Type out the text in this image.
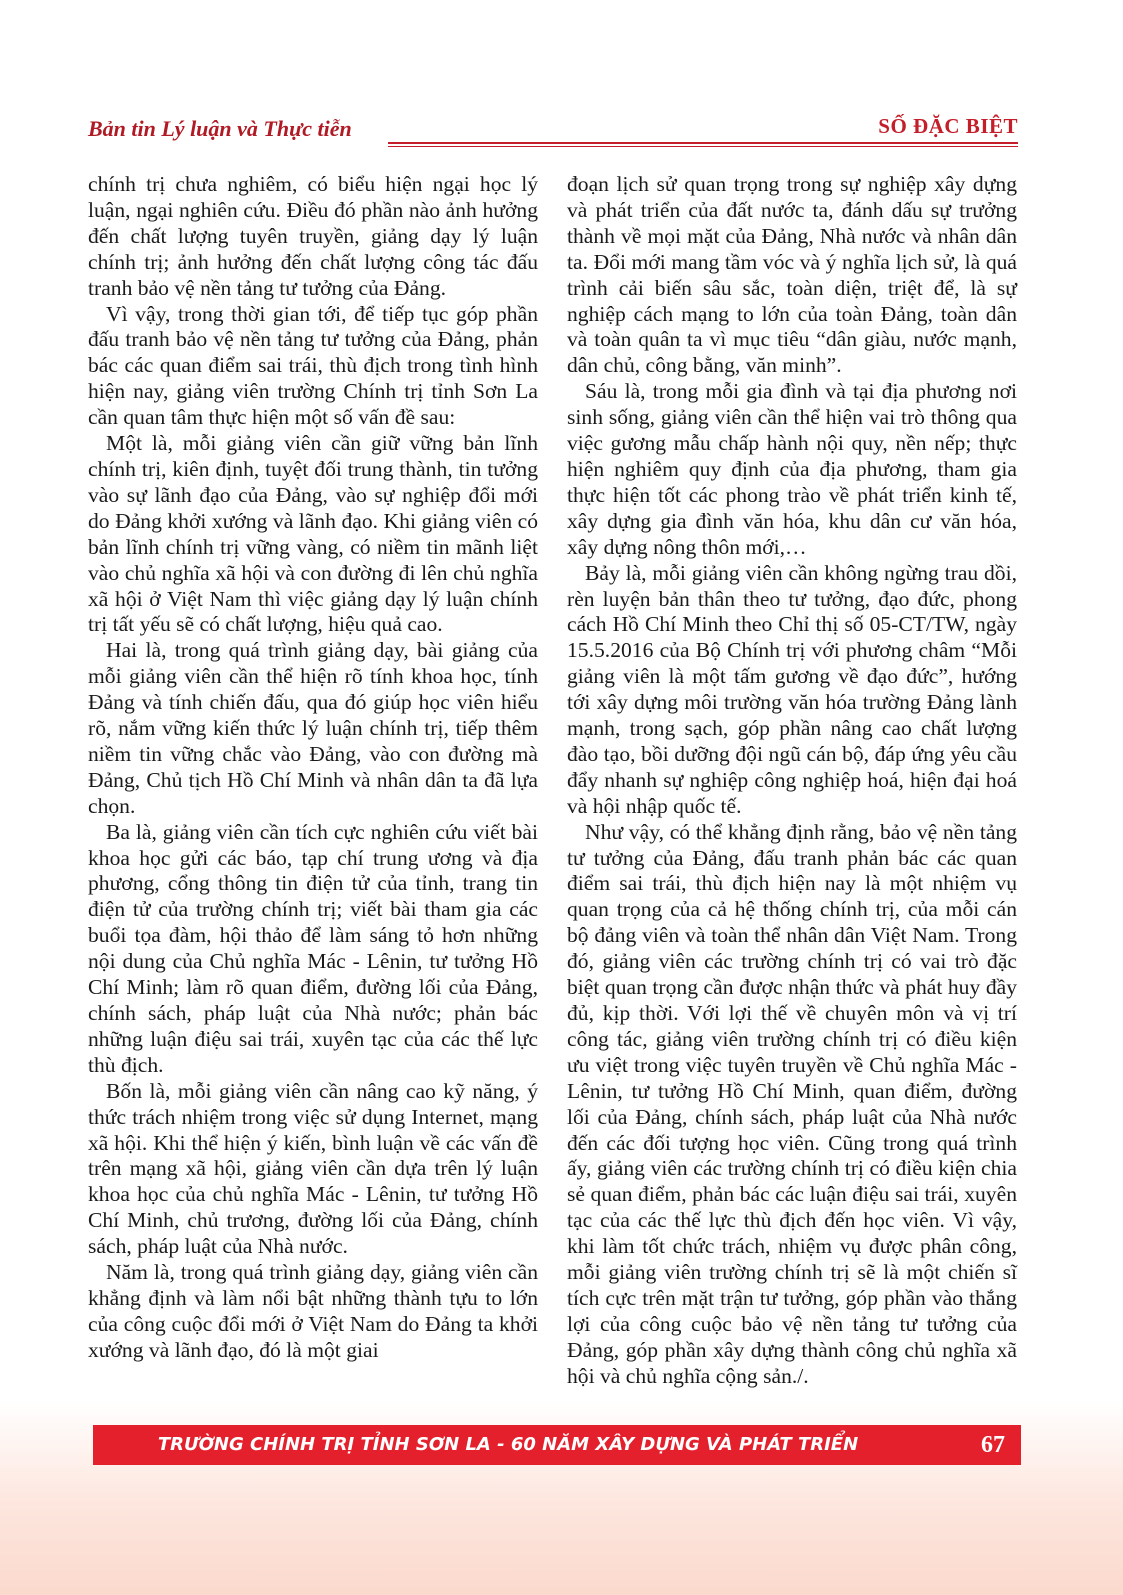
Bản tin Lý luận và Thực tiễn	SỐ ĐẶC BIỆT

chính trị chưa nghiêm, có biểu hiện ngại học lý luận, ngại nghiên cứu. Điều đó phần nào ảnh hưởng đến chất lượng tuyên truyền, giảng dạy lý luận chính trị; ảnh hưởng đến chất lượng công tác đấu tranh bảo vệ nền tảng tư tưởng của Đảng.

Vì vậy, trong thời gian tới, để tiếp tục góp phần đấu tranh bảo vệ nền tảng tư tưởng của Đảng, phản bác các quan điểm sai trái, thù địch trong tình hình hiện nay, giảng viên trường Chính trị tỉnh Sơn La cần quan tâm thực hiện một số vấn đề sau:

Một là, mỗi giảng viên cần giữ vững bản lĩnh chính trị, kiên định, tuyệt đối trung thành, tin tưởng vào sự lãnh đạo của Đảng, vào sự nghiệp đổi mới do Đảng khởi xướng và lãnh đạo. Khi giảng viên có bản lĩnh chính trị vững vàng, có niềm tin mãnh liệt vào chủ nghĩa xã hội và con đường đi lên chủ nghĩa xã hội ở Việt Nam thì việc giảng dạy lý luận chính trị tất yếu sẽ có chất lượng, hiệu quả cao.

Hai là, trong quá trình giảng dạy, bài giảng của mỗi giảng viên cần thể hiện rõ tính khoa học, tính Đảng và tính chiến đấu, qua đó giúp học viên hiểu rõ, nắm vững kiến thức lý luận chính trị, tiếp thêm niềm tin vững chắc vào Đảng, vào con đường mà Đảng, Chủ tịch Hồ Chí Minh và nhân dân ta đã lựa chọn.

Ba là, giảng viên cần tích cực nghiên cứu viết bài khoa học gửi các báo, tạp chí trung ương và địa phương, cổng thông tin điện tử của tỉnh, trang tin điện tử của trường chính trị; viết bài tham gia các buổi tọa đàm, hội thảo để làm sáng tỏ hơn những nội dung của Chủ nghĩa Mác - Lênin, tư tưởng Hồ Chí Minh; làm rõ quan điểm, đường lối của Đảng, chính sách, pháp luật của Nhà nước; phản bác những luận điệu sai trái, xuyên tạc của các thế lực thù địch.

Bốn là, mỗi giảng viên cần nâng cao kỹ năng, ý thức trách nhiệm trong việc sử dụng Internet, mạng xã hội. Khi thể hiện ý kiến, bình luận về các vấn đề trên mạng xã hội, giảng viên cần dựa trên lý luận khoa học của chủ nghĩa Mác - Lênin, tư tưởng Hồ Chí Minh, chủ trương, đường lối của Đảng, chính sách, pháp luật của Nhà nước.

Năm là, trong quá trình giảng dạy, giảng viên cần khẳng định và làm nổi bật những thành tựu to lớn của công cuộc đổi mới ở Việt Nam do Đảng ta khởi xướng và lãnh đạo, đó là một giai

đoạn lịch sử quan trọng trong sự nghiệp xây dựng và phát triển của đất nước ta, đánh dấu sự trưởng thành về mọi mặt của Đảng, Nhà nước và nhân dân ta. Đổi mới mang tầm vóc và ý nghĩa lịch sử, là quá trình cải biến sâu sắc, toàn diện, triệt để, là sự nghiệp cách mạng to lớn của toàn Đảng, toàn dân và toàn quân ta vì mục tiêu “dân giàu, nước mạnh, dân chủ, công bằng, văn minh”.

Sáu là, trong mỗi gia đình và tại địa phương nơi sinh sống, giảng viên cần thể hiện vai trò thông qua việc gương mẫu chấp hành nội quy, nền nếp; thực hiện nghiêm quy định của địa phương, tham gia thực hiện tốt các phong trào về phát triển kinh tế, xây dựng gia đình văn hóa, khu dân cư văn hóa, xây dựng nông thôn mới,…

Bảy là, mỗi giảng viên cần không ngừng trau dồi, rèn luyện bản thân theo tư tưởng, đạo đức, phong cách Hồ Chí Minh theo Chỉ thị số 05-CT/TW, ngày 15.5.2016 của Bộ Chính trị với phương châm “Mỗi giảng viên là một tấm gương về đạo đức”, hướng tới xây dựng môi trường văn hóa trường Đảng lành mạnh, trong sạch, góp phần nâng cao chất lượng đào tạo, bồi dưỡng đội ngũ cán bộ, đáp ứng yêu cầu đẩy nhanh sự nghiệp công nghiệp hoá, hiện đại hoá và hội nhập quốc tế.

Như vậy, có thể khẳng định rằng, bảo vệ nền tảng tư tưởng của Đảng, đấu tranh phản bác các quan điểm sai trái, thù địch hiện nay là một nhiệm vụ quan trọng của cả hệ thống chính trị, của mỗi cán bộ đảng viên và toàn thể nhân dân Việt Nam. Trong đó, giảng viên các trường chính trị có vai trò đặc biệt quan trọng cần được nhận thức và phát huy đầy đủ, kịp thời. Với lợi thế về chuyên môn và vị trí công tác, giảng viên trường chính trị có điều kiện ưu việt trong việc tuyên truyền về Chủ nghĩa Mác - Lênin, tư tưởng Hồ Chí Minh, quan điểm, đường lối của Đảng, chính sách, pháp luật của Nhà nước đến các đối tượng học viên. Cũng trong quá trình ấy, giảng viên các trường chính trị có điều kiện chia sẻ quan điểm, phản bác các luận điệu sai trái, xuyên tạc của các thế lực thù địch đến học viên. Vì vậy, khi làm tốt chức trách, nhiệm vụ được phân công, mỗi giảng viên trường chính trị sẽ là một chiến sĩ tích cực trên mặt trận tư tưởng, góp phần vào thắng lợi của công cuộc bảo vệ nền tảng tư tưởng của Đảng, góp phần xây dựng thành công chủ nghĩa xã hội và chủ nghĩa cộng sản./.

TRƯỜNG CHÍNH TRỊ TỈNH SƠN LA - 60 NĂM XÂY DỰNG VÀ PHÁT TRIỂN	67
